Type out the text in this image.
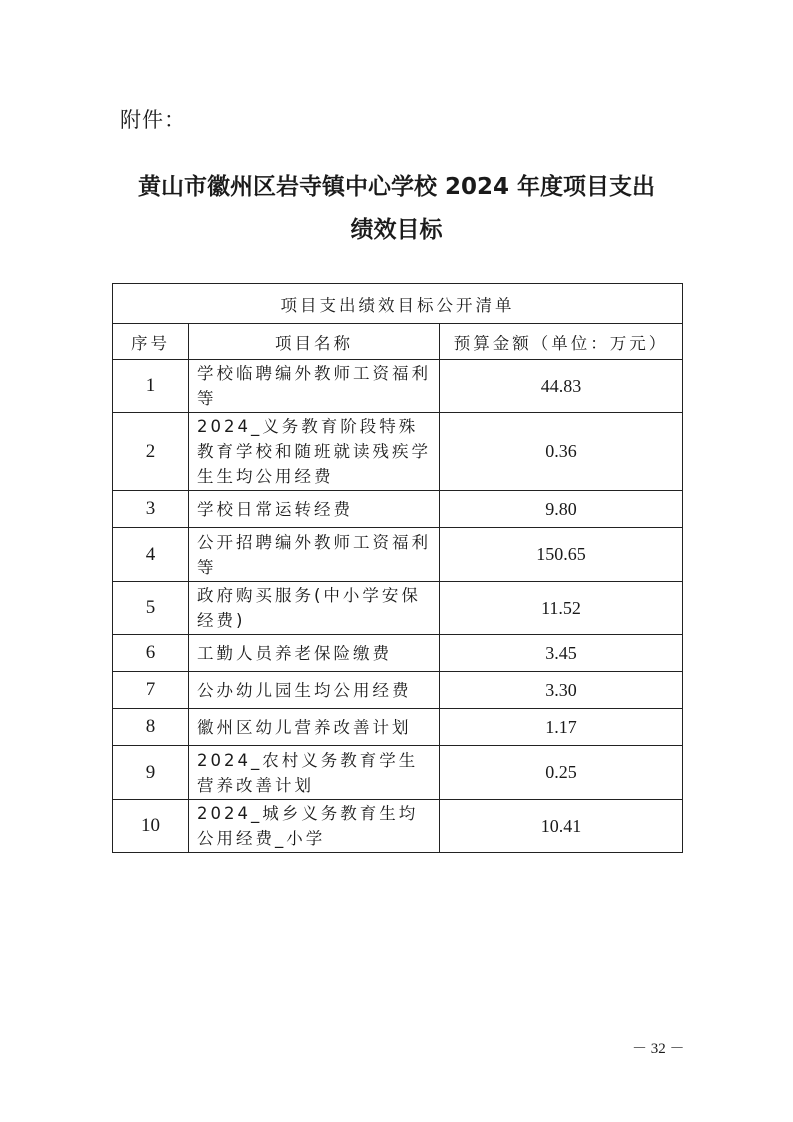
附件：
黄山市徽州区岩寺镇中心学校 2024 年度项目支出
绩效目标
项目支出绩效目标公开清单		
序号	项目名称	预算金额（单位：万元）
1	学校临聘编外教师工资福利等	44.83
2	2024_义务教育阶段特殊教育学校和随班就读残疾学生生均公用经费	0.36
3	学校日常运转经费	9.80
4	公开招聘编外教师工资福利等	150.65
5	政府购买服务(中小学安保经费)	11.52
6	工勤人员养老保险缴费	3.45
7	公办幼儿园生均公用经费	3.30
8	徽州区幼儿营养改善计划	1.17
9	2024_农村义务教育学生营养改善计划	0.25
10	2024_城乡义务教育生均公用经费_小学	10.41
－ 32 －
